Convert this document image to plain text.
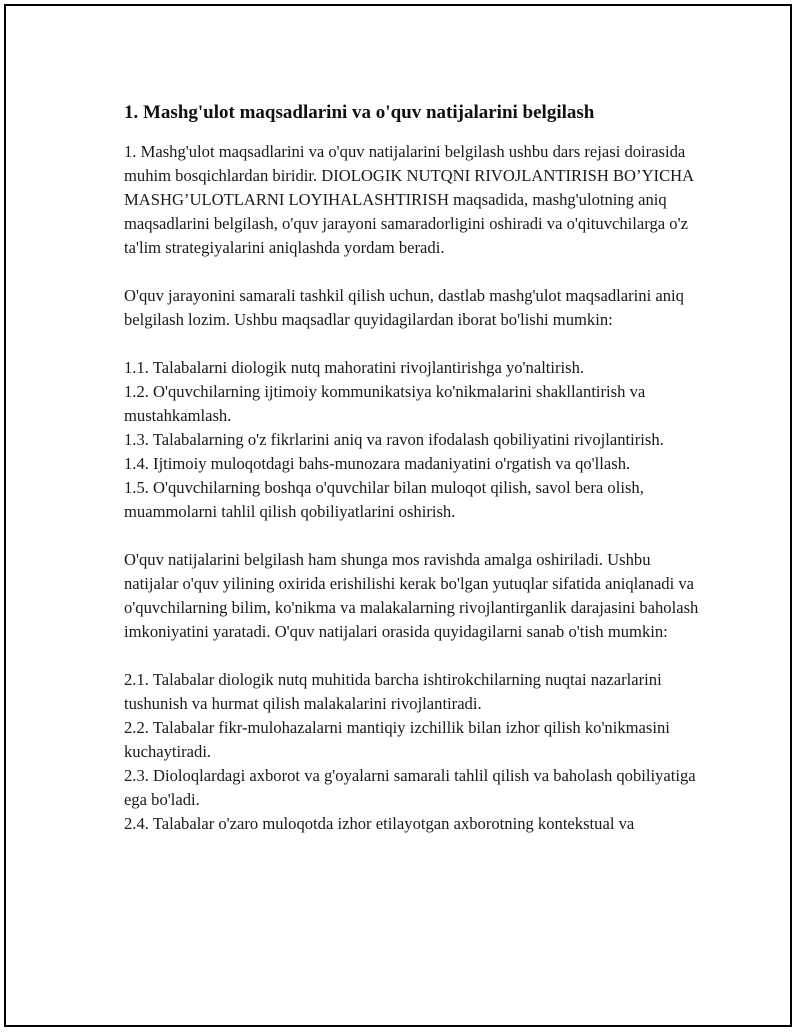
1. Mashg'ulot maqsadlarini va o'quv natijalarini belgilash

1. Mashg'ulot maqsadlarini va o'quv natijalarini belgilash ushbu dars rejasi doirasida muhim bosqichlardan biridir. DIOLOGIK NUTQNI RIVOJLANTIRISH BO’YICHA MASHG’ULOTLARNI LOYIHALASHTIRISH maqsadida, mashg'ulotning aniq maqsadlarini belgilash, o'quv jarayoni samaradorligini oshiradi va o'qituvchilarga o'z ta'lim strategiyalarini aniqlashda yordam beradi.

O'quv jarayonini samarali tashkil qilish uchun, dastlab mashg'ulot maqsadlarini aniq belgilash lozim. Ushbu maqsadlar quyidagilardan iborat bo'lishi mumkin:

1.1. Talabalarni diologik nutq mahoratini rivojlantirishga yo'naltirish.
1.2. O'quvchilarning ijtimoiy kommunikatsiya ko'nikmalarini shakllantirish va mustahkamlash.
1.3. Talabalarning o'z fikrlarini aniq va ravon ifodalash qobiliyatini rivojlantirish.
1.4. Ijtimoiy muloqotdagi bahs-munozara madaniyatini o'rgatish va qo'llash.
1.5. O'quvchilarning boshqa o'quvchilar bilan muloqot qilish, savol bera olish, muammolarni tahlil qilish qobiliyatlarini oshirish.

O'quv natijalarini belgilash ham shunga mos ravishda amalga oshiriladi. Ushbu natijalar o'quv yilining oxirida erishilishi kerak bo'lgan yutuqlar sifatida aniqlanadi va o'quvchilarning bilim, ko'nikma va malakalarning rivojlantirganlik darajasini baholash imkoniyatini yaratadi. O'quv natijalari orasida quyidagilarni sanab o'tish mumkin:

2.1. Talabalar diologik nutq muhitida barcha ishtirokchilarning nuqtai nazarlarini tushunish va hurmat qilish malakalarini rivojlantiradi.
2.2. Talabalar fikr-mulohazalarni mantiqiy izchillik bilan izhor qilish ko'nikmasini kuchaytiradi.
2.3. Dioloqlardagi axborot va g'oyalarni samarali tahlil qilish va baholash qobiliyatiga ega bo'ladi.
2.4. Talabalar o'zaro muloqotda izhor etilayotgan axborotning kontekstual va
